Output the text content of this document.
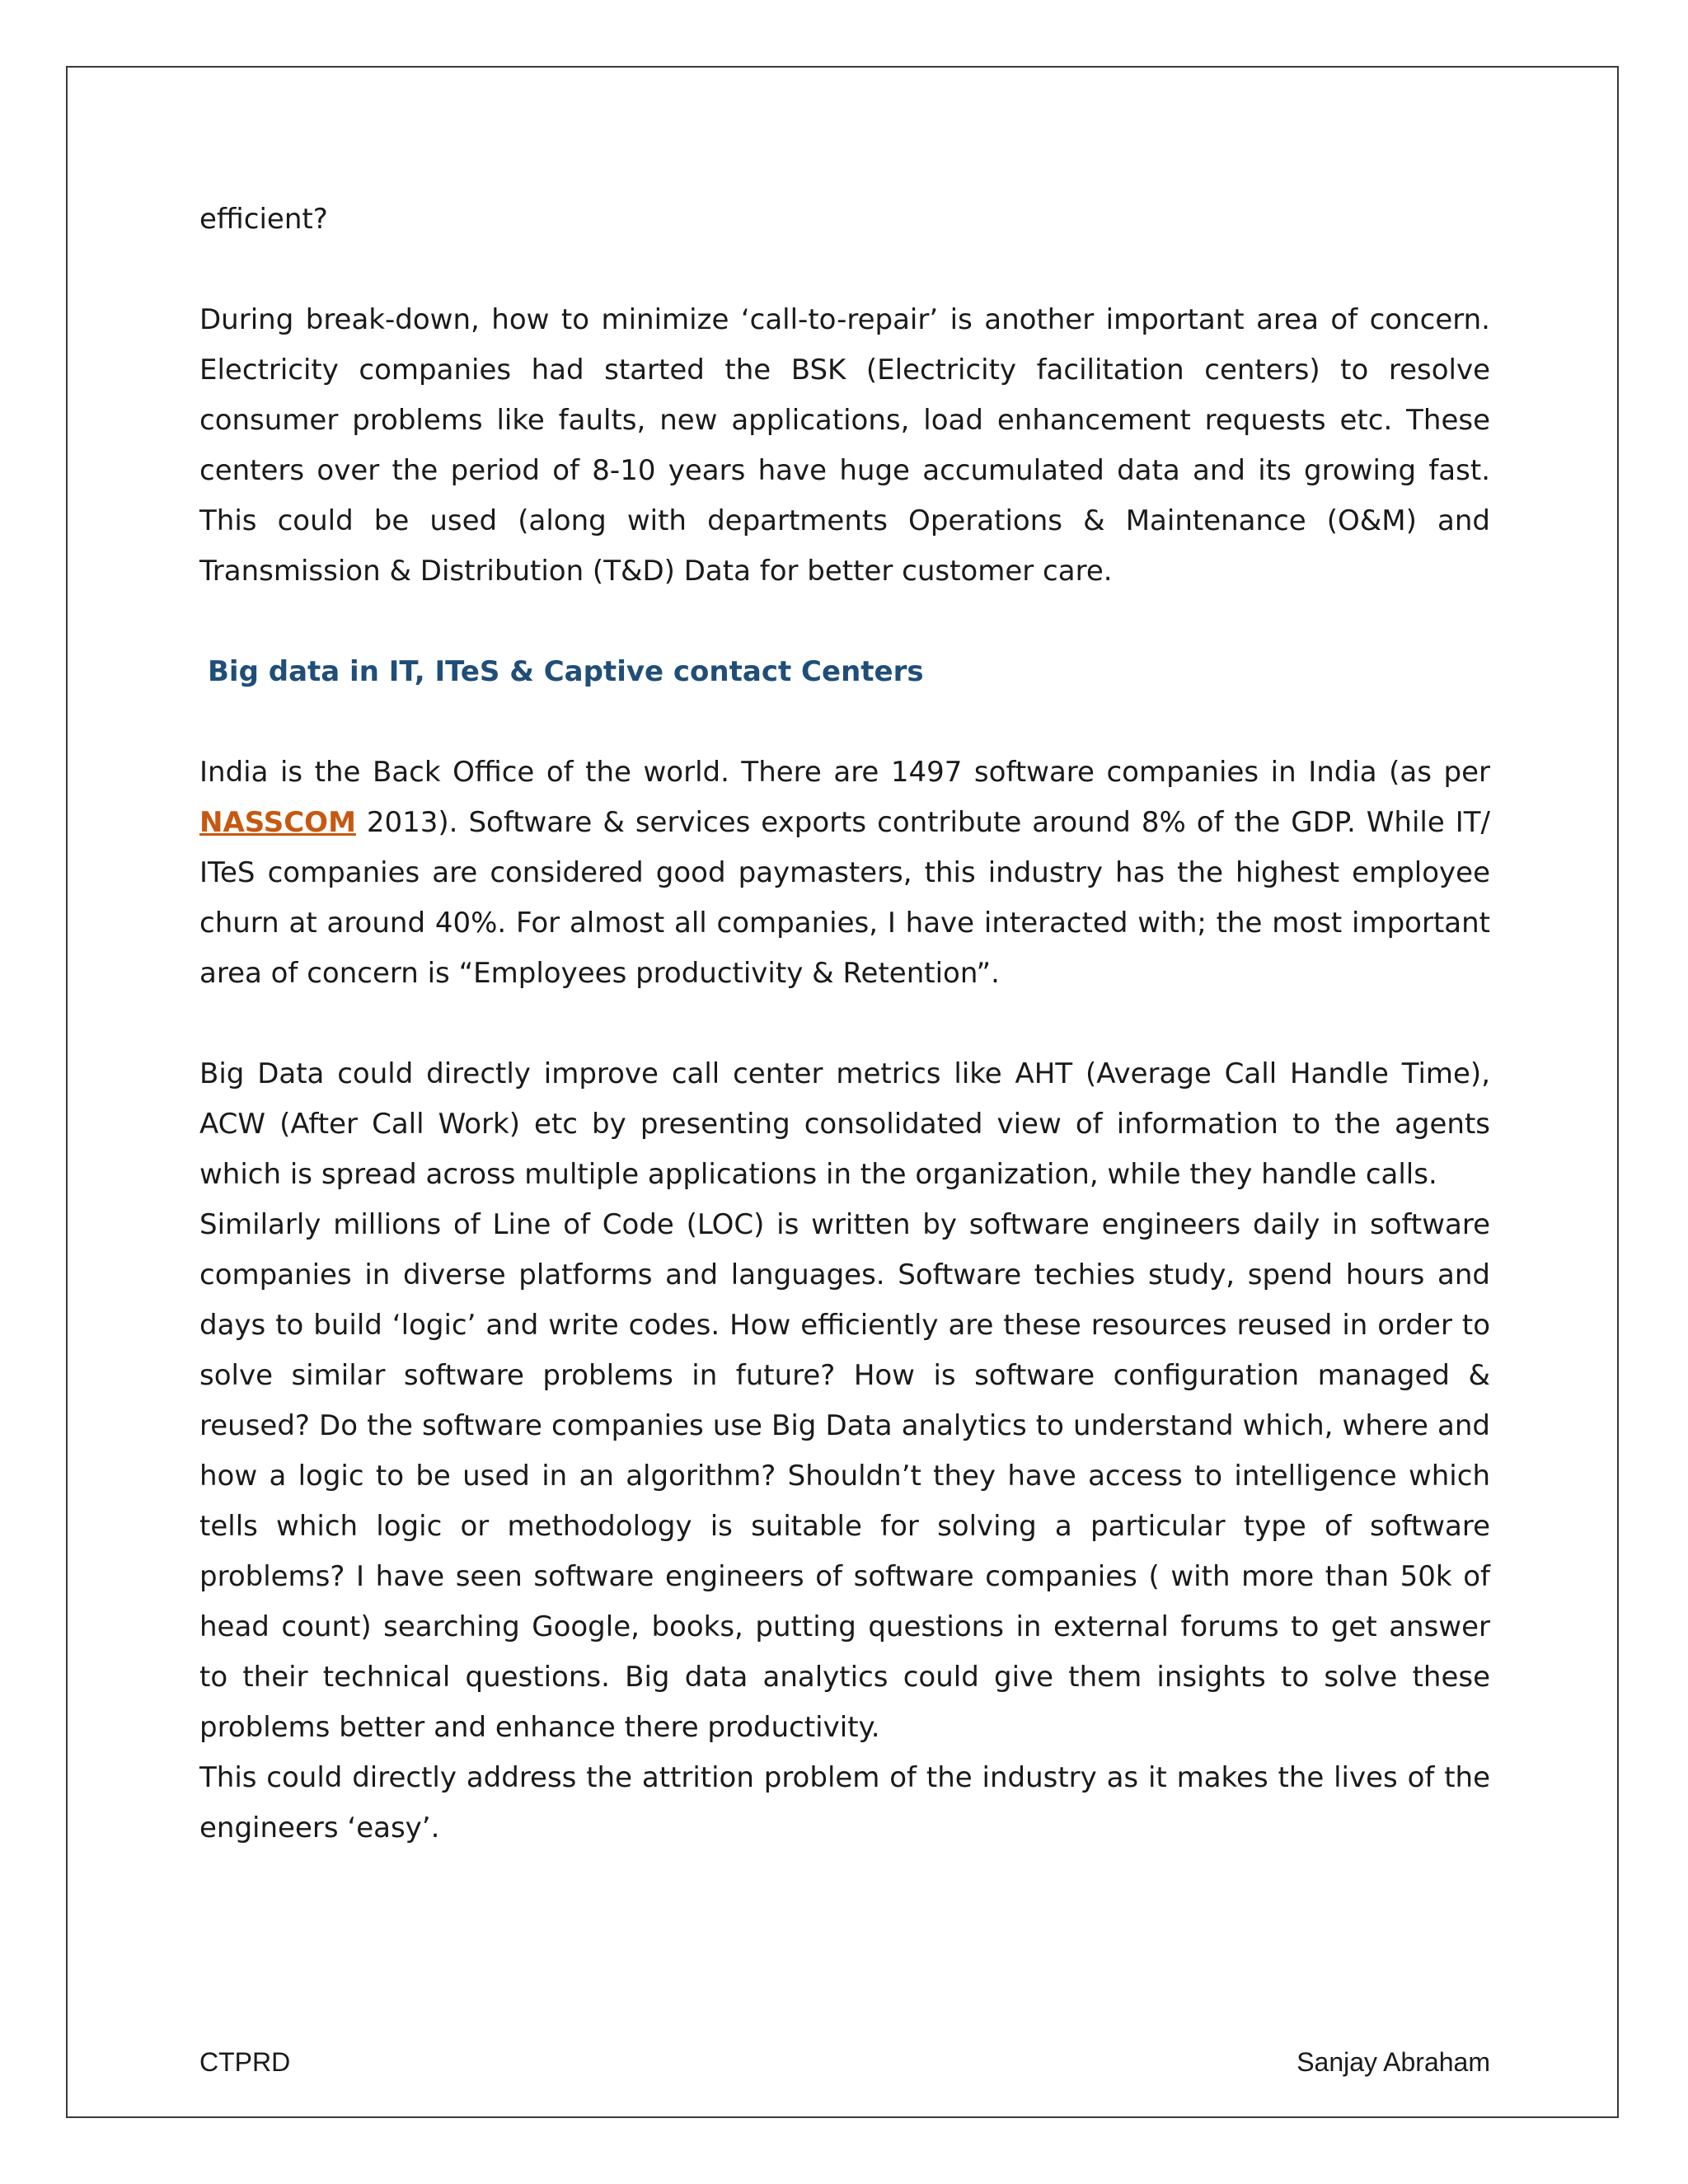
efficient?

During break-down, how to minimize ‘call-to-repair’ is another important area of concern. Electricity companies had started the BSK (Electricity facilitation centers) to resolve consumer problems like faults, new applications, load enhancement requests etc. These centers over the period of 8-10 years have huge accumulated data and its growing fast. This could be used (along with departments Operations & Maintenance (O&M) and Transmission & Distribution (T&D) Data for better customer care.

Big data in IT, ITeS & Captive contact Centers

India is the Back Office of the world. There are 1497 software companies in India (as per NASSCOM 2013). Software & services exports contribute around 8% of the GDP. While IT/ ITeS companies are considered good paymasters, this industry has the highest employee churn at around 40%. For almost all companies, I have interacted with; the most important area of concern is “Employees productivity & Retention”.

Big Data could directly improve call center metrics like AHT (Average Call Handle Time), ACW (After Call Work) etc by presenting consolidated view of information to the agents which is spread across multiple applications in the organization, while they handle calls.

Similarly millions of Line of Code (LOC) is written by software engineers daily in software companies in diverse platforms and languages. Software techies study, spend hours and days to build ‘logic’ and write codes. How efficiently are these resources reused in order to solve similar software problems in future? How is software configuration managed & reused? Do the software companies use Big Data analytics to understand which, where and how a logic to be used in an algorithm? Shouldn’t they have access to intelligence which tells which logic or methodology is suitable for solving a particular type of software problems? I have seen software engineers of software companies ( with more than 50k of head count) searching Google, books, putting questions in external forums to get answer to their technical questions. Big data analytics could give them insights to solve these problems better and enhance there productivity.

This could directly address the attrition problem of the industry as it makes the lives of the engineers ‘easy’.

CTPRD	Sanjay Abraham
